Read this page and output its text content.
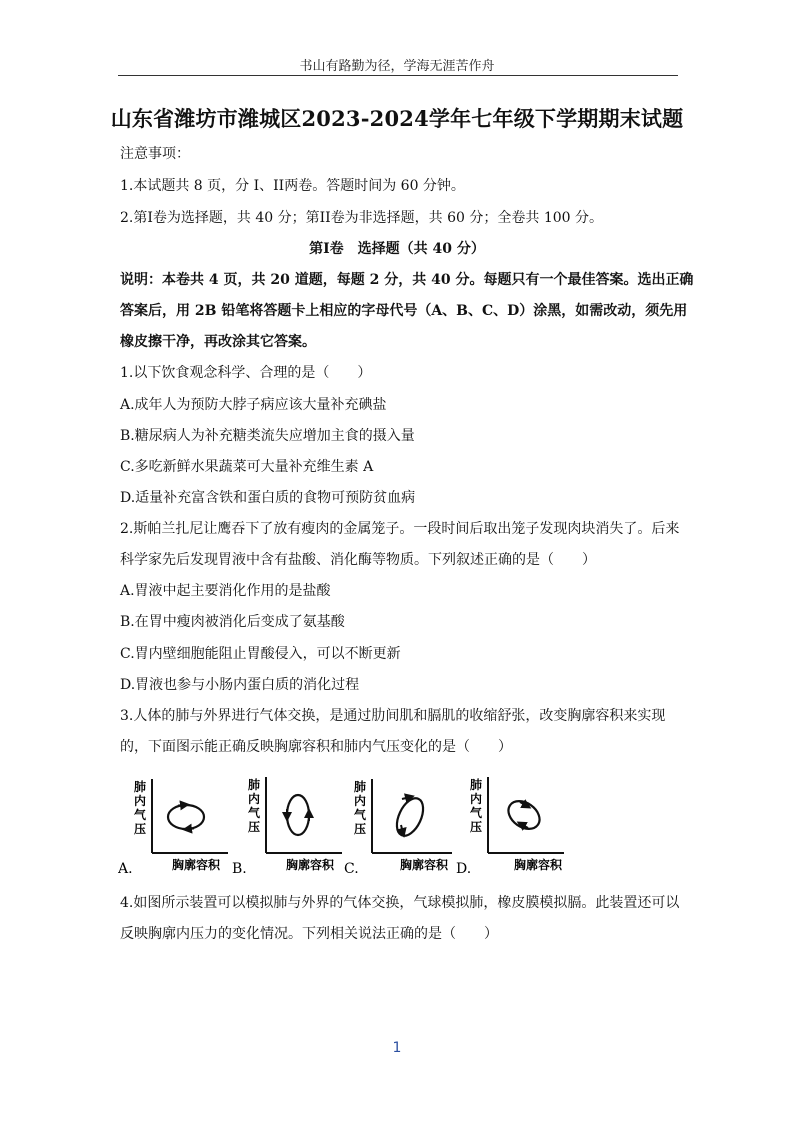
书山有路勤为径，学海无涯苦作舟
山东省潍坊市潍城区2023-2024学年七年级下学期期末试题
注意事项：
1.本试题共 8 页，分 I、II两卷。答题时间为 60 分钟。
2.第I卷为选择题，共 40 分；第II卷为非选择题，共 60 分；全卷共 100 分。
第I卷　选择题（共 40 分）
说明：本卷共 4 页，共 20 道题，每题 2 分，共 40 分。每题只有一个最佳答案。选出正确
答案后，用 2B 铅笔将答题卡上相应的字母代号（A、B、C、D）涂黑，如需改动，须先用
橡皮擦干净，再改涂其它答案。
1.以下饮食观念科学、合理的是（　　）
A.成年人为预防大脖子病应该大量补充碘盐
B.糖尿病人为补充糖类流失应增加主食的摄入量
C.多吃新鲜水果蔬菜可大量补充维生素 A
D.适量补充富含铁和蛋白质的食物可预防贫血病
2.斯帕兰扎尼让鹰吞下了放有瘦肉的金属笼子。一段时间后取出笼子发现肉块消失了。后来
科学家先后发现胃液中含有盐酸、消化酶等物质。下列叙述正确的是（　　）
A.胃液中起主要消化作用的是盐酸
B.在胃中瘦肉被消化后变成了氨基酸
C.胃内壁细胞能阻止胃酸侵入，可以不断更新
D.胃液也参与小肠内蛋白质的消化过程
3.人体的肺与外界进行气体交换，是通过肋间肌和膈肌的收缩舒张，改变胸廓容积来实现
的，下面图示能正确反映胸廓容积和肺内气压变化的是（　　）
A.
肺
内
气
压
胸廓容积 B.
肺
内
气
压
胸廓容积 C.
肺
内
气
压
胸廓容积 D.
肺
内
气
压
胸廓容积
4.如图所示装置可以模拟肺与外界的气体交换，气球模拟肺，橡皮膜模拟膈。此装置还可以
反映胸廓内压力的变化情况。下列相关说法正确的是（　　）
1
